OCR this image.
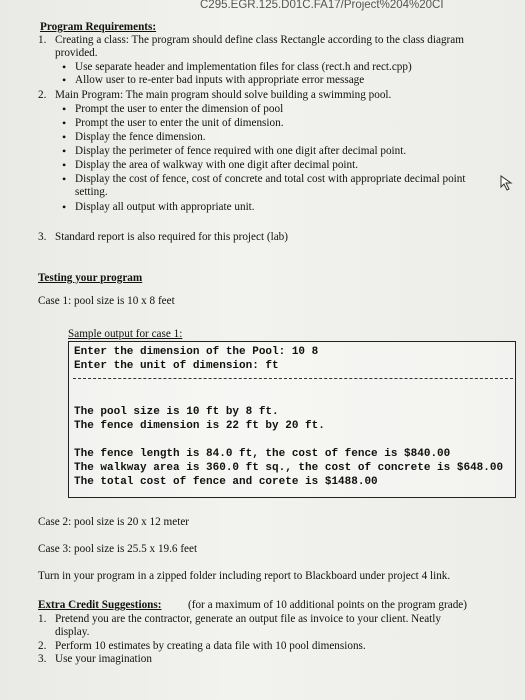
C295.EGR.125.D01C.FA17/Project%204%20CI
Program Requirements:
1. Creating a class: The program should define class Rectangle according to the class diagram
provided.
• Use separate header and implementation files for class (rect.h and rect.cpp)
• Allow user to re-enter bad inputs with appropriate error message
2. Main Program: The main program should solve building a swimming pool.
• Prompt the user to enter the dimension of pool
• Prompt the user to enter the unit of dimension.
• Display the fence dimension.
• Display the perimeter of fence required with one digit after decimal point.
• Display the area of walkway with one digit after decimal point.
• Display the cost of fence, cost of concrete and total cost with appropriate decimal point
setting.
• Display all output with appropriate unit.
3. Standard report is also required for this project (lab)
Testing your program
Case 1: pool size is 10 x 8 feet
Sample output for case 1:
Enter the dimension of the Pool: 10 8
Enter the unit of dimension: ft
The pool size is 10 ft by 8 ft.
The fence dimension is 22 ft by 20 ft.
The fence length is 84.0 ft, the cost of fence is $840.00
The walkway area is 360.0 ft sq., the cost of concrete is $648.00
The total cost of fence and corete is $1488.00
Case 2: pool size is 20 x 12 meter
Case 3: pool size is 25.5 x 19.6 feet
Turn in your program in a zipped folder including report to Blackboard under project 4 link.
Extra Credit Suggestions: (for a maximum of 10 additional points on the program grade)
1. Pretend you are the contractor, generate an output file as invoice to your client. Neatly
display.
2. Perform 10 estimates by creating a data file with 10 pool dimensions.
3. Use your imagination
